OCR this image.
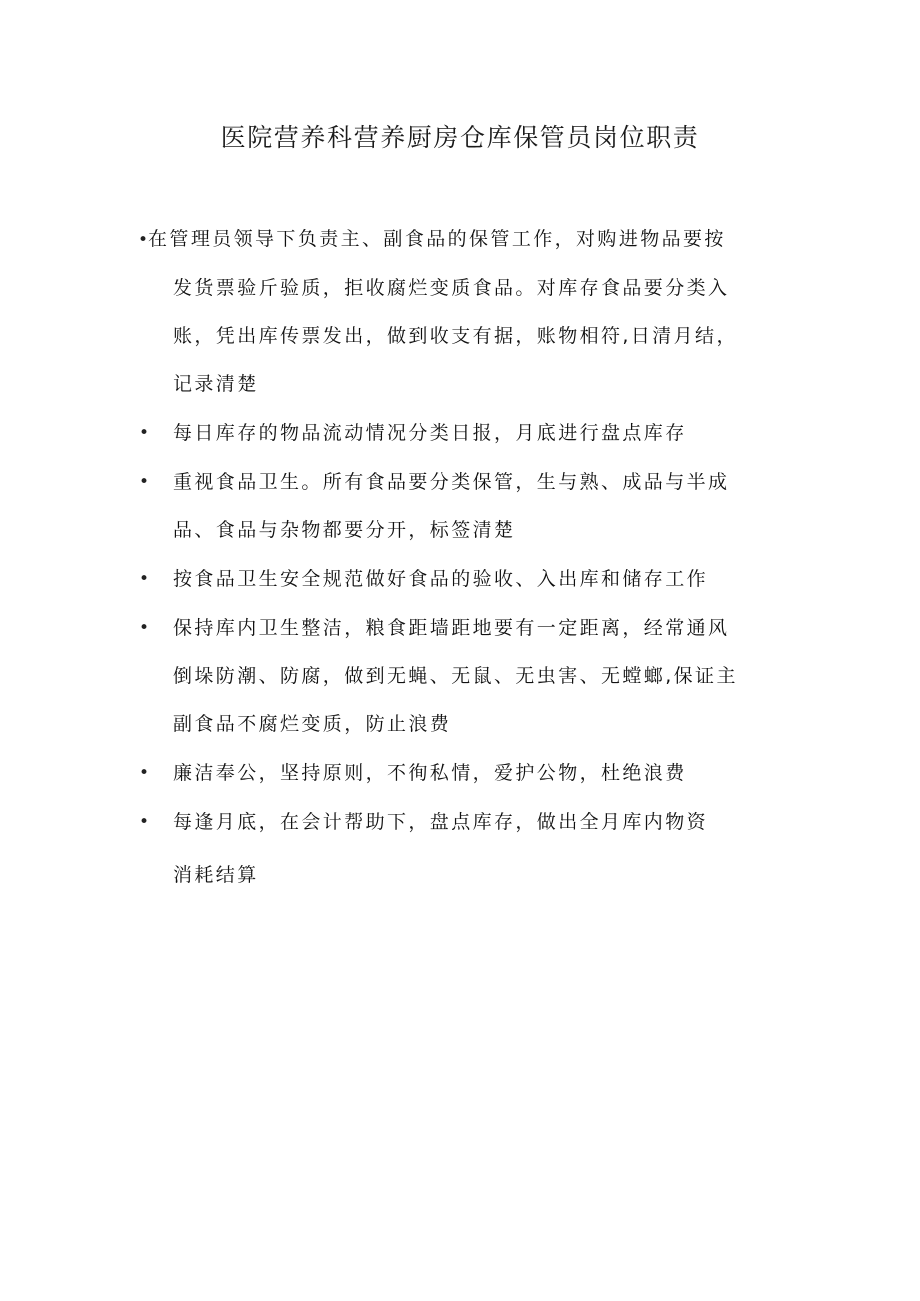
医院营养科营养厨房仓库保管员岗位职责
•在管理员领导下负责主、副食品的保管工作，对购进物品要按
发货票验斤验质，拒收腐烂变质食品。对库存食品要分类入
账，凭出库传票发出，做到收支有据，账物相符,日清月结，
记录清楚
• 每日库存的物品流动情况分类日报，月底进行盘点库存
• 重视食品卫生。所有食品要分类保管，生与熟、成品与半成
品、食品与杂物都要分开，标签清楚
• 按食品卫生安全规范做好食品的验收、入出库和储存工作
• 保持库内卫生整洁，粮食距墙距地要有一定距离，经常通风
倒垛防潮、防腐，做到无蝇、无鼠、无虫害、无螳螂,保证主
副食品不腐烂变质，防止浪费
• 廉洁奉公，坚持原则，不徇私情，爱护公物，杜绝浪费
• 每逢月底，在会计帮助下，盘点库存，做出全月库内物资
消耗结算
